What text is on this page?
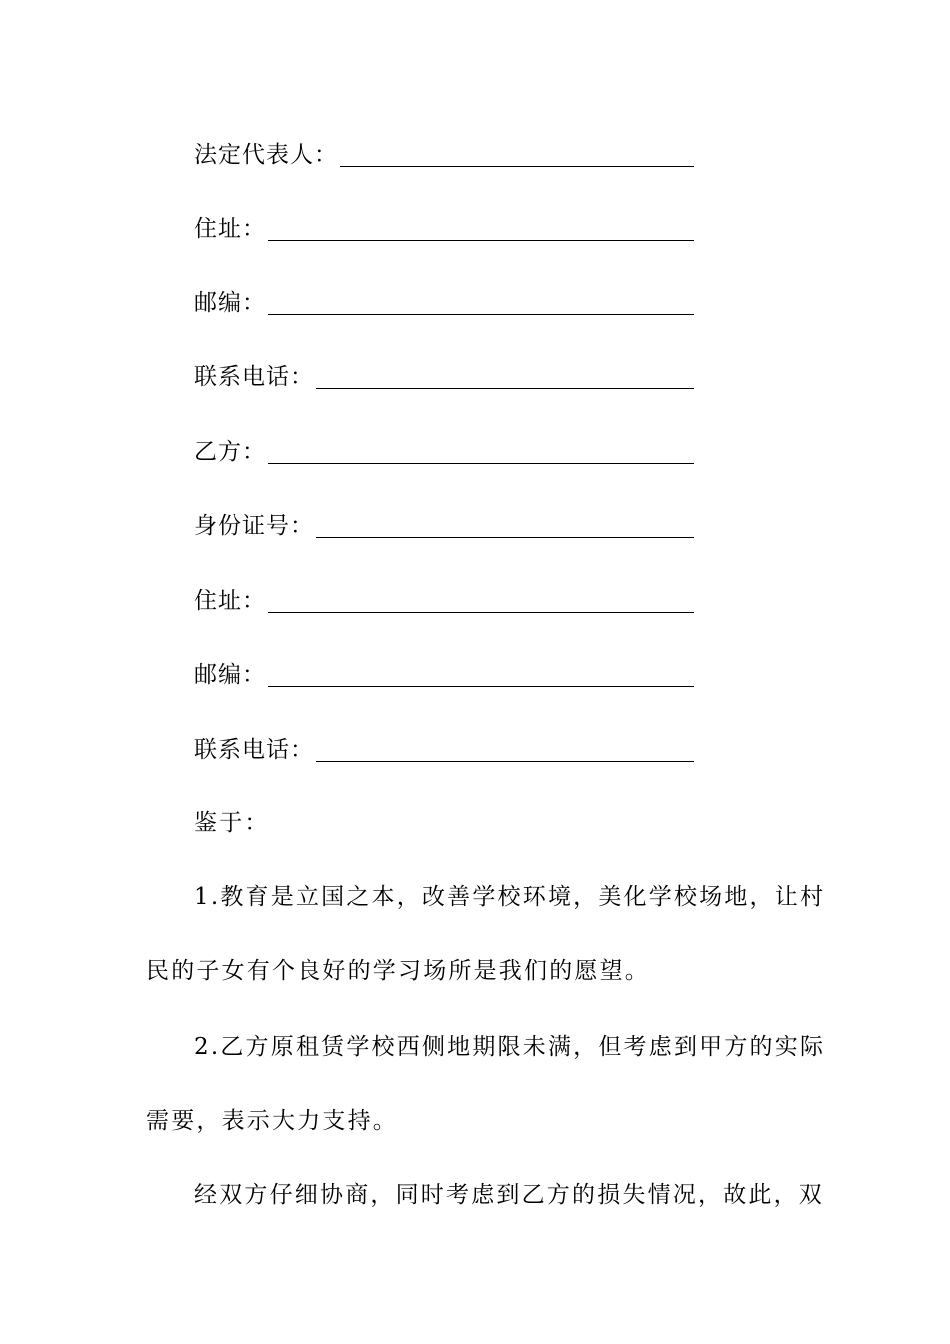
法定代表人：
住址：
邮编：
联系电话：
乙方：
身份证号：
住址：
邮编：
联系电话：
鉴于：
1.教育是立国之本，改善学校环境，美化学校场地，让村
民的子女有个良好的学习场所是我们的愿望。
2.乙方原租赁学校西侧地期限未满，但考虑到甲方的实际
需要，表示大力支持。
经双方仔细协商，同时考虑到乙方的损失情况，故此，双
